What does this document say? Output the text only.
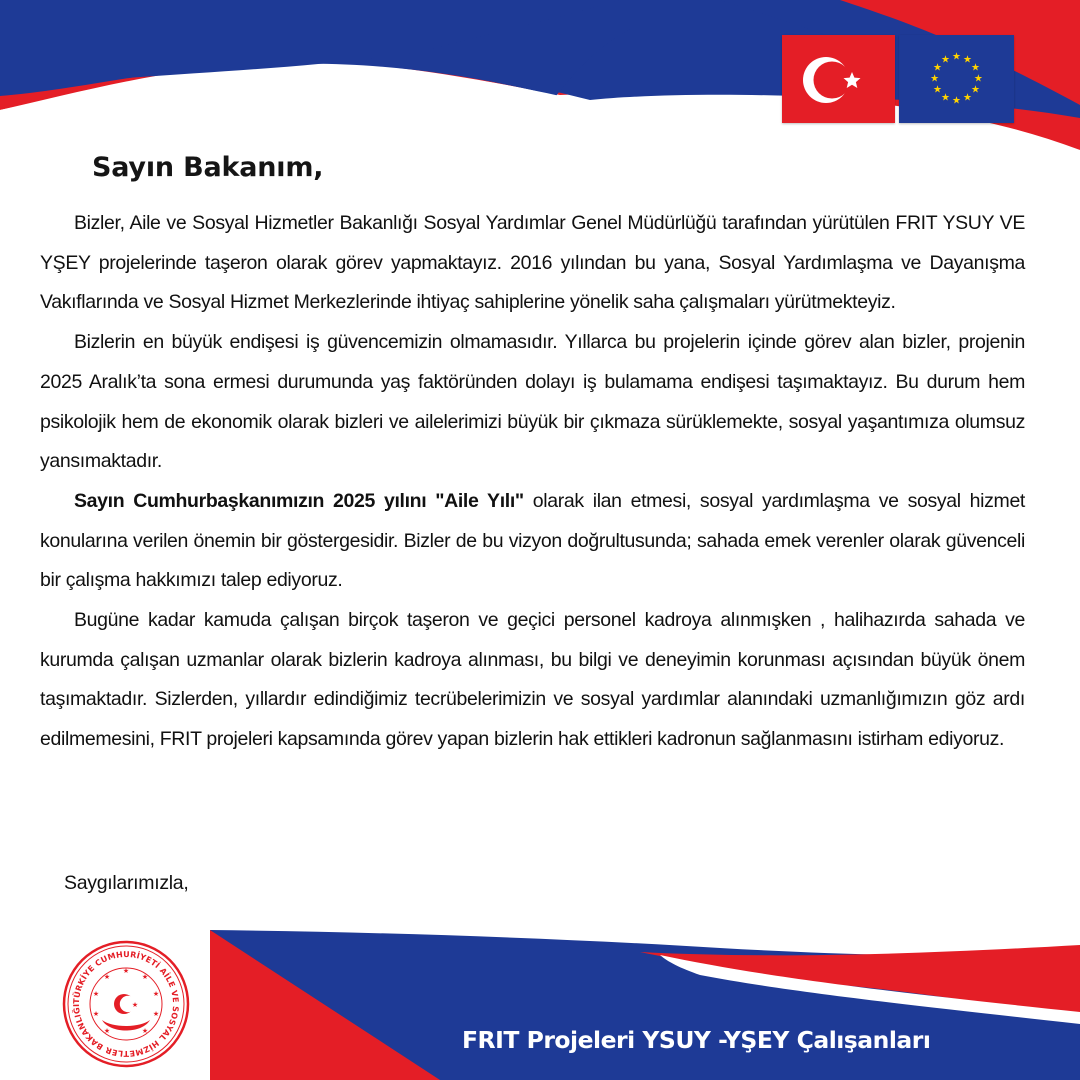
★ ★
★
★
★
★
★
★
★
★
★
★
Sayın Bakanım,

Bizler, Aile ve Sosyal Hizmetler Bakanlığı Sosyal Yardımlar Genel Müdürlüğü tarafından yürütülen FRIT YSUY VE YŞEY projelerinde taşeron olarak görev yapmaktayız. 2016 yılından bu yana, Sosyal Yardımlaşma ve Dayanışma Vakıflarında ve Sosyal Hizmet Merkezlerinde ihtiyaç sahiplerine yönelik saha çalışmaları yürütmekteyiz.

Bizlerin en büyük endişesi iş güvencemizin olmamasıdır. Yıllarca bu projelerin içinde görev alan bizler, projenin 2025 Aralık’ta sona ermesi durumunda yaş faktöründen dolayı iş bulamama endişesi taşımaktayız. Bu durum hem psikolojik hem de ekonomik olarak bizleri ve ailelerimizi büyük bir çıkmaza sürüklemekte, sosyal yaşantımıza olumsuz yansımaktadır.

Sayın Cumhurbaşkanımızın 2025 yılını "Aile Yılı" olarak ilan etmesi, sosyal yardımlaşma ve sosyal hizmet konularına verilen önemin bir göstergesidir. Bizler de bu vizyon doğrultusunda; sahada emek verenler olarak güvenceli bir çalışma hakkımızı talep ediyoruz.

Bugüne kadar kamuda çalışan birçok taşeron ve geçici personel kadroya alınmışken , halihazırda sahada ve kurumda çalışan uzmanlar olarak bizlerin kadroya alınması, bu bilgi ve deneyimin korunması açısından büyük önem taşımaktadır. Sizlerden, yıllardır edindiğimiz tecrübelerimizin ve sosyal yardımlar alanındaki uzmanlığımızın göz ardı edilmemesini, FRIT projeleri kapsamında görev yapan bizlerin hak ettikleri kadronun sağlanmasını istirham ediyoruz.

Saygılarımızla,
TÜRKİYE CUMHURİYETİ AİLE VE SOSYAL HİZMETLER BAKANLIĞI
★
★
★
★
★
★
★
★
★
★
FRIT Projeleri YSUY -YŞEY Çalışanları
